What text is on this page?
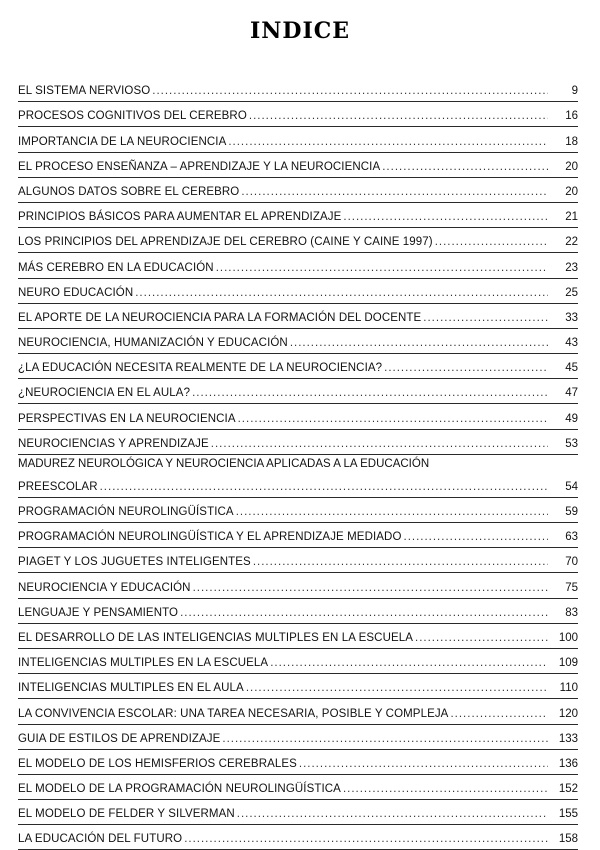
INDICE
EL SISTEMA NERVIOSO .....	9
PROCESOS COGNITIVOS DEL CEREBRO .....	16
IMPORTANCIA DE LA NEUROCIENCIA .....	18
EL PROCESO ENSEÑANZA – APRENDIZAJE Y LA NEUROCIENCIA .....	20
ALGUNOS DATOS SOBRE EL CEREBRO .....	20
PRINCIPIOS BÁSICOS PARA AUMENTAR EL APRENDIZAJE .....	21
LOS PRINCIPIOS DEL APRENDIZAJE DEL CEREBRO (CAINE Y CAINE 1997) .....	22
MÁS CEREBRO EN LA EDUCACIÓN .....	23
NEURO EDUCACIÓN .....	25
EL APORTE DE LA NEUROCIENCIA PARA LA FORMACIÓN DEL DOCENTE .....	33
NEUROCIENCIA, HUMANIZACIÓN Y EDUCACIÓN .....	43
¿LA EDUCACIÓN NECESITA REALMENTE DE LA NEUROCIENCIA? .....	45
¿NEUROCIENCIA EN EL AULA? .....	47
PERSPECTIVAS EN LA NEUROCIENCIA .....	49
NEUROCIENCIAS Y APRENDIZAJE .....	53
MADUREZ NEUROLÓGICA Y NEUROCIENCIA APLICADAS A LA EDUCACIÓN
PREESCOLAR .....	54
PROGRAMACIÓN NEUROLINGÜÍSTICA .....	59
PROGRAMACIÓN NEUROLINGÜÍSTICA Y EL APRENDIZAJE MEDIADO .....	63
PIAGET Y LOS JUGUETES INTELIGENTES .....	70
NEUROCIENCIA Y EDUCACIÓN .....	75
LENGUAJE Y PENSAMIENTO .....	83
EL DESARROLLO DE LAS INTELIGENCIAS MULTIPLES EN LA ESCUELA .....	100
INTELIGENCIAS MULTIPLES EN LA ESCUELA .....	109
INTELIGENCIAS MULTIPLES EN EL AULA .....	110
LA CONVIVENCIA ESCOLAR: UNA TAREA NECESARIA, POSIBLE Y COMPLEJA .....	120
GUIA DE ESTILOS DE APRENDIZAJE .....	133
EL MODELO DE LOS HEMISFERIOS CEREBRALES .....	136
EL MODELO DE LA PROGRAMACIÓN NEUROLINGÜÍSTICA .....	152
EL MODELO DE FELDER Y SILVERMAN .....	155
LA EDUCACIÓN DEL FUTURO .....	158
